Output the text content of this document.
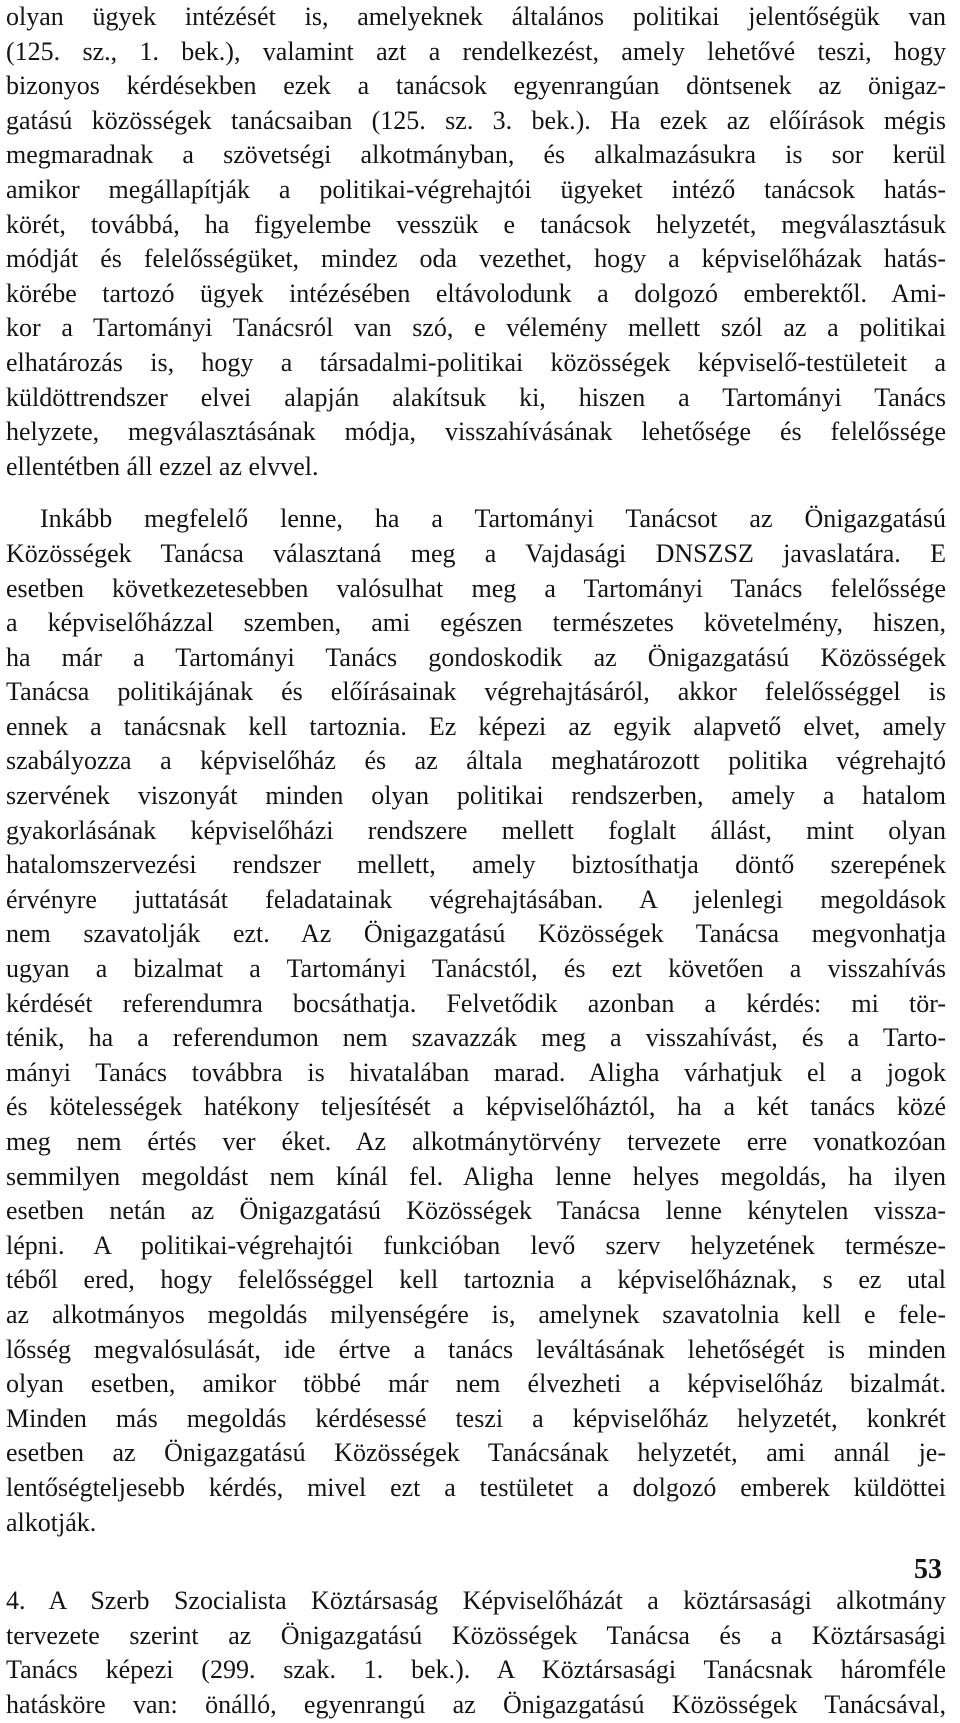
olyan ügyek intézését is, amelyeknek általános politikai jelentőségük van
(125. sz., 1. bek.), valamint azt a rendelkezést, amely lehetővé teszi, hogy
bizonyos kérdésekben ezek a tanácsok egyenrangúan döntsenek az önigaz-
gatású közösségek tanácsaiban (125. sz. 3. bek.). Ha ezek az előírások mégis
megmaradnak a szövetségi alkotmányban, és alkalmazásukra is sor kerül
amikor megállapítják a politikai-végrehajtói ügyeket intéző tanácsok hatás-
körét, továbbá, ha figyelembe vesszük e tanácsok helyzetét, megválasztásuk
módját és felelősségüket, mindez oda vezethet, hogy a képviselőházak hatás-
körébe tartozó ügyek intézésében eltávolodunk a dolgozó emberektől. Ami-
kor a Tartományi Tanácsról van szó, e vélemény mellett szól az a politikai
elhatározás is, hogy a társadalmi-politikai közösségek képviselő-testületeit a
küldöttrendszer elvei alapján alakítsuk ki, hiszen a Tartományi Tanács
helyzete, megválasztásának módja, visszahívásának lehetősége és felelőssége
ellentétben áll ezzel az elvvel.
Inkább megfelelő lenne, ha a Tartományi Tanácsot az Önigazgatású
Közösségek Tanácsa választaná meg a Vajdasági DNSZSZ javaslatára. E
esetben következetesebben valósulhat meg a Tartományi Tanács felelőssége
a képviselőházzal szemben, ami egészen természetes követelmény, hiszen,
ha már a Tartományi Tanács gondoskodik az Önigazgatású Közösségek
Tanácsa politikájának és előírásainak végrehajtásáról, akkor felelősséggel is
ennek a tanácsnak kell tartoznia. Ez képezi az egyik alapvető elvet, amely
szabályozza a képviselőház és az általa meghatározott politika végrehajtó
szervének viszonyát minden olyan politikai rendszerben, amely a hatalom
gyakorlásának képviselőházi rendszere mellett foglalt állást, mint olyan
hatalomszervezési rendszer mellett, amely biztosíthatja döntő szerepének
érvényre juttatását feladatainak végrehajtásában. A jelenlegi megoldások
nem szavatolják ezt. Az Önigazgatású Közösségek Tanácsa megvonhatja
ugyan a bizalmat a Tartományi Tanácstól, és ezt követően a visszahívás
kérdését referendumra bocsáthatja. Felvetődik azonban a kérdés: mi tör-
ténik, ha a referendumon nem szavazzák meg a visszahívást, és a Tarto-
mányi Tanács továbbra is hivatalában marad. Aligha várhatjuk el a jogok
és kötelességek hatékony teljesítését a képviselőháztól, ha a két tanács közé
meg nem értés ver éket. Az alkotmánytörvény tervezete erre vonatkozóan
semmilyen megoldást nem kínál fel. Aligha lenne helyes megoldás, ha ilyen
esetben netán az Önigazgatású Közösségek Tanácsa lenne kénytelen vissza-
lépni. A politikai-végrehajtói funkcióban levő szerv helyzetének természe-
téből ered, hogy felelősséggel kell tartoznia a képviselőháznak, s ez utal
az alkotmányos megoldás milyenségére is, amelynek szavatolnia kell e fele-
lősség megvalósulását, ide értve a tanács leváltásának lehetőségét is minden
olyan esetben, amikor többé már nem élvezheti a képviselőház bizalmát.
Minden más megoldás kérdésessé teszi a képviselőház helyzetét, konkrét
esetben az Önigazgatású Közösségek Tanácsának helyzetét, ami annál je-
lentőségteljesebb kérdés, mivel ezt a testületet a dolgozó emberek küldöttei
alkotják.
4. A Szerb Szocialista Köztársaság Képviselőházát a köztársasági alkotmány
tervezete szerint az Önigazgatású Közösségek Tanácsa és a Köztársasági
Tanács képezi (299. szak. 1. bek.). A Köztársasági Tanácsnak háromféle
hatásköre van: önálló, egyenrangú az Önigazgatású Közösségek Tanácsával,
53
